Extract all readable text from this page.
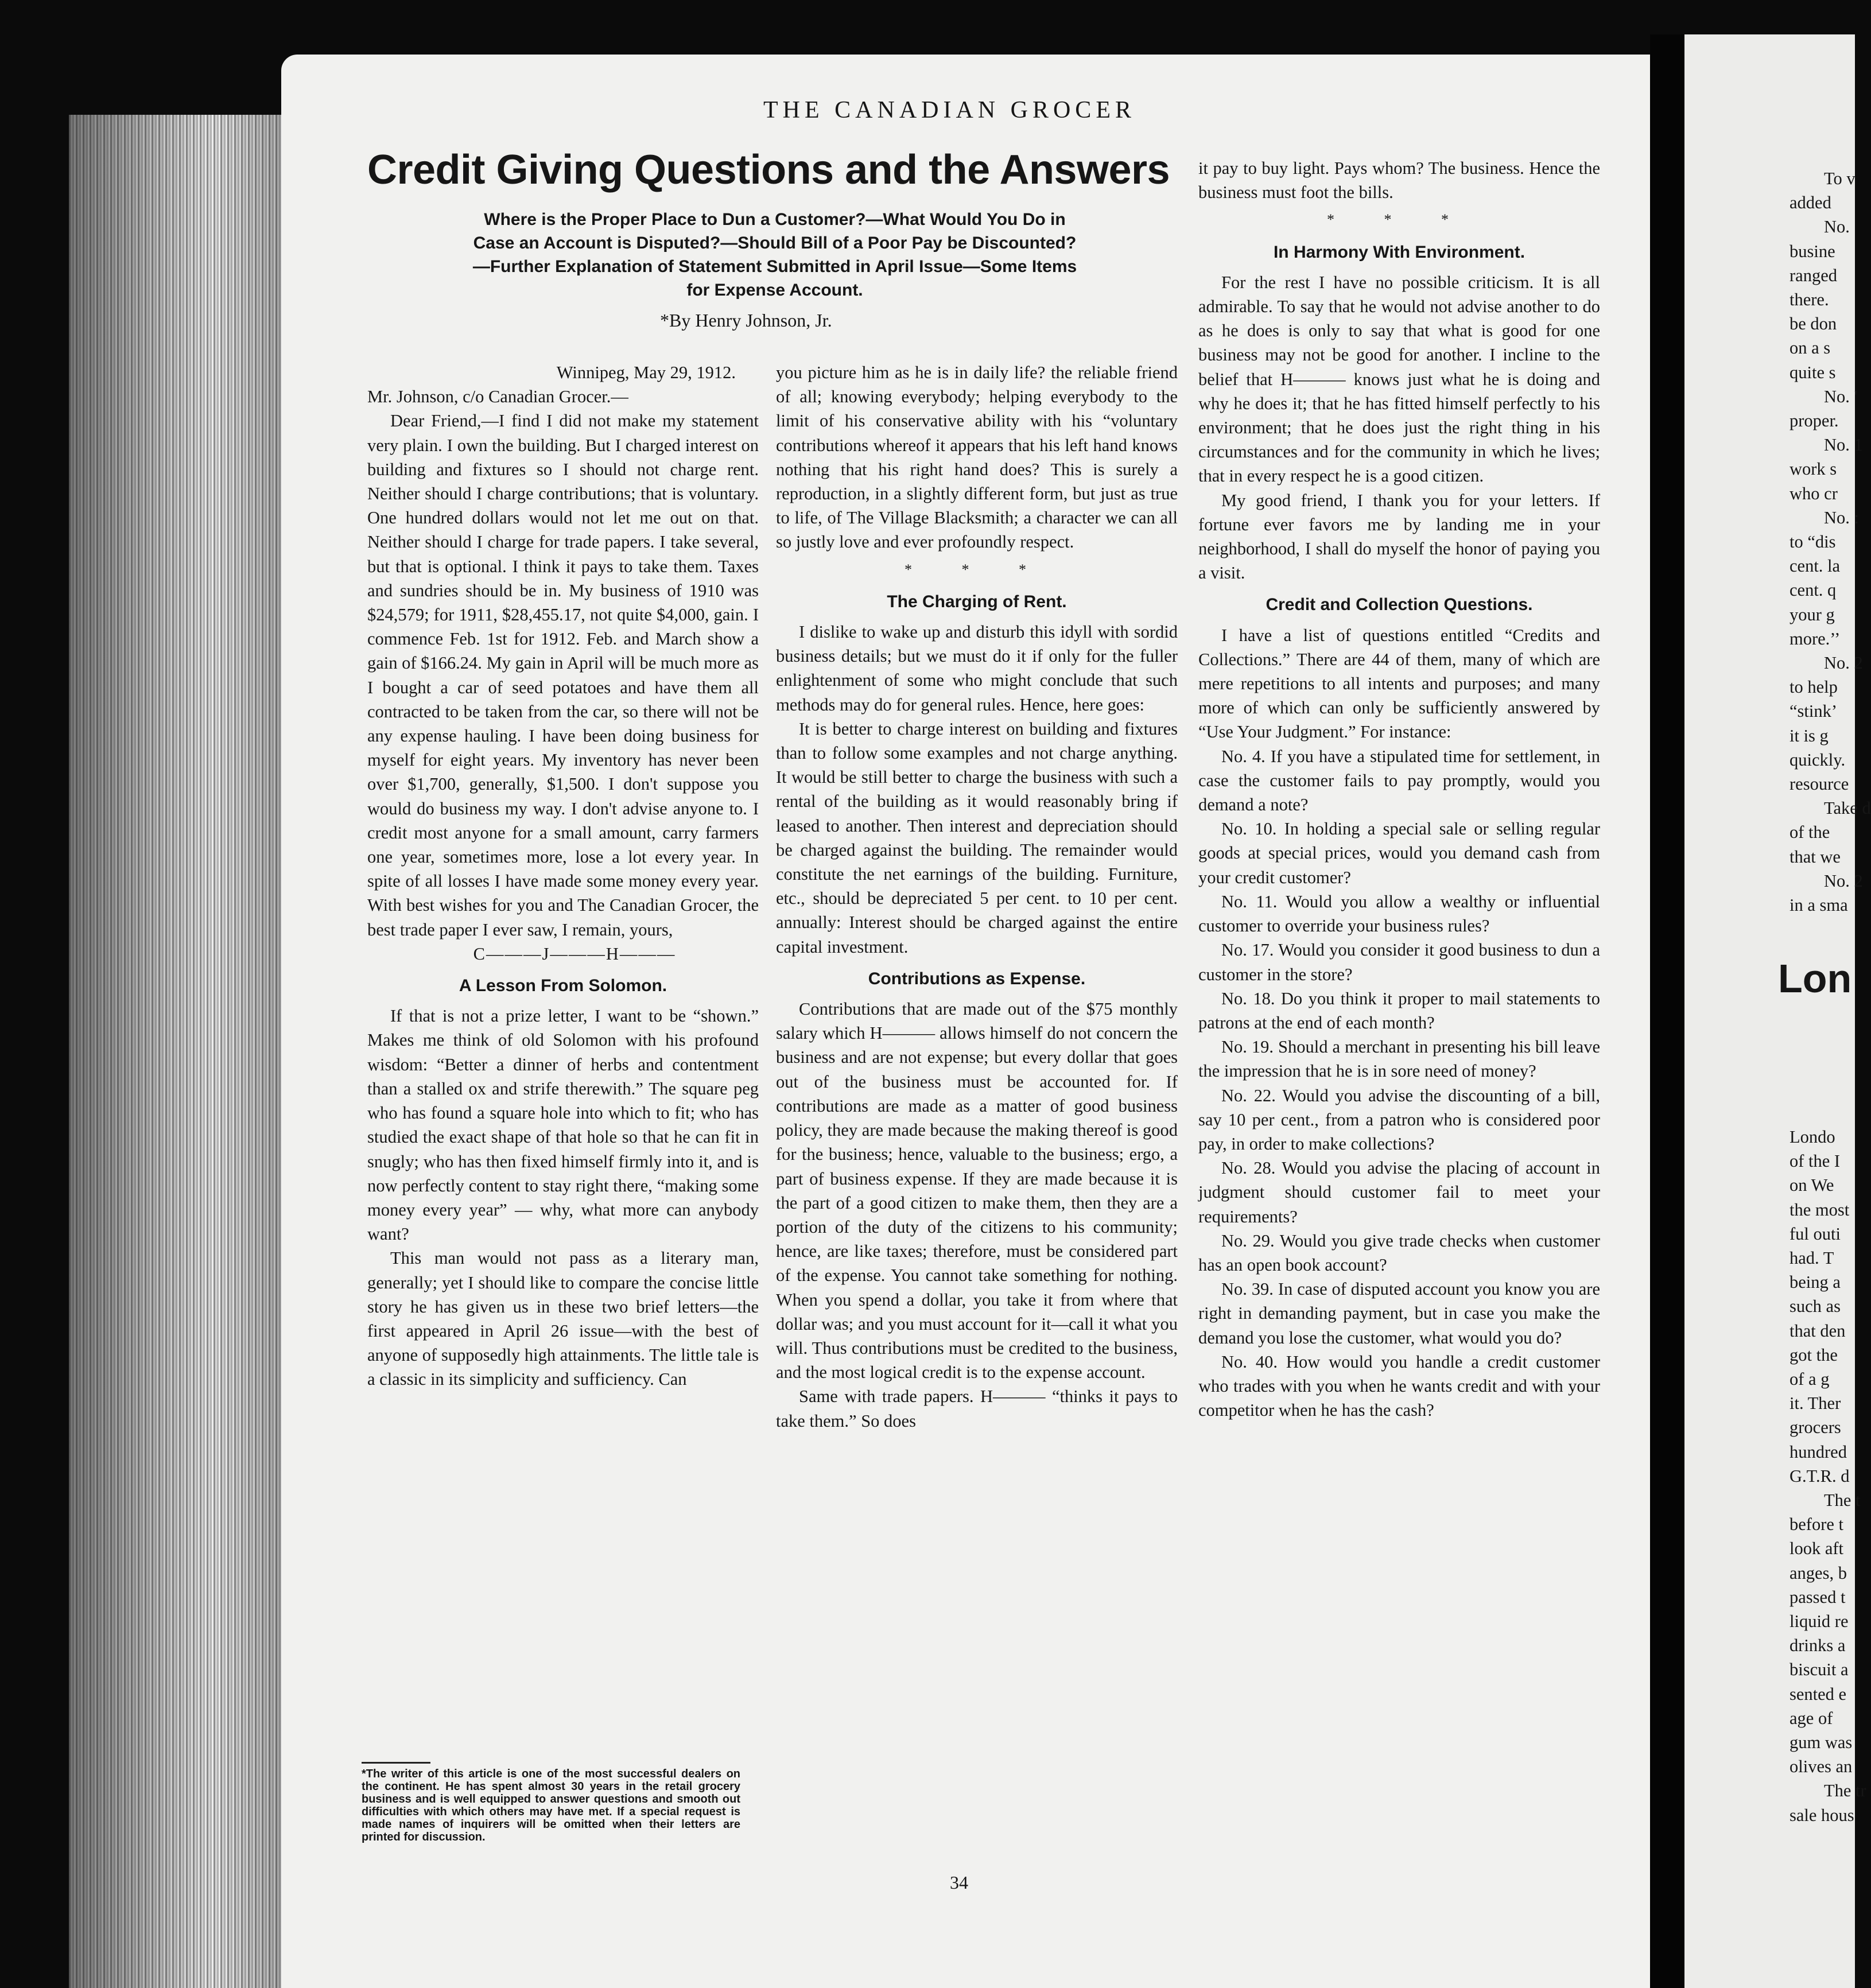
THE CANADIAN GROCER
Credit Giving Questions and the Answers
Where is the Proper Place to Dun a Customer?—What Would You Do in Case an Account is Disputed?—Should Bill of a Poor Pay be Discounted?—Further Explanation of Statement Submitted in April Issue—Some Items for Expense Account.
*By Henry Johnson, Jr.

Winnipeg, May 29, 1912.

Mr. Johnson, c/o Canadian Grocer.—

Dear Friend,—I find I did not make my statement very plain. I own the building. But I charged interest on building and fixtures so I should not charge rent. Neither should I charge contributions; that is voluntary. One hundred dollars would not let me out on that. Neither should I charge for trade papers. I take several, but that is optional. I think it pays to take them. Taxes and sundries should be in. My business of 1910 was $24,579; for 1911, $28,455.17, not quite $4,000, gain. I commence Feb. 1st for 1912. Feb. and March show a gain of $166.24. My gain in April will be much more as I bought a car of seed potatoes and have them all contracted to be taken from the car, so there will not be any expense hauling. I have been doing business for myself for eight years. My inventory has never been over $1,700, generally, $1,500. I don't suppose you would do business my way. I don't advise anyone to. I credit most anyone for a small amount, carry farmers one year, sometimes more, lose a lot every year. In spite of all losses I have made some money every year. With best wishes for you and The Canadian Grocer, the best trade paper I ever saw, I remain, yours,

C———J———H———

A Lesson From Solomon.

If that is not a prize letter, I want to be “shown.” Makes me think of old Solomon with his profound wisdom: “Better a dinner of herbs and contentment than a stalled ox and strife therewith.” The square peg who has found a square hole into which to fit; who has studied the exact shape of that hole so that he can fit in snugly; who has then fixed himself firmly into it, and is now perfectly content to stay right there, “making some money every year” — why, what more can anybody want?

This man would not pass as a literary man, generally; yet I should like to compare the concise little story he has given us in these two brief letters—the first appeared in April 26 issue—with the best of anyone of supposedly high attainments. The little tale is a classic in its simplicity and sufficiency. Can

*The writer of this article is one of the most successful dealers on the continent. He has spent almost 30 years in the retail grocery business and is well equipped to answer questions and smooth out difficulties with which others may have met. If a special request is made names of inquirers will be omitted when their letters are printed for discussion.

you picture him as he is in daily life? the reliable friend of all; knowing everybody; helping everybody to the limit of his conservative ability with his “voluntary contributions whereof it appears that his left hand knows nothing that his right hand does? This is surely a reproduction, in a slightly different form, but just as true to life, of The Village Blacksmith; a character we can all so justly love and ever profoundly respect.

* * *
The Charging of Rent.

I dislike to wake up and disturb this idyll with sordid business details; but we must do it if only for the fuller enlightenment of some who might conclude that such methods may do for general rules. Hence, here goes:

It is better to charge interest on building and fixtures than to follow some examples and not charge anything. It would be still better to charge the business with such a rental of the building as it would reasonably bring if leased to another. Then interest and depreciation should be charged against the building. The remainder would constitute the net earnings of the building. Furniture, etc., should be depreciated 5 per cent. to 10 per cent. annually: Interest should be charged against the entire capital investment.

Contributions as Expense.

Contributions that are made out of the $75 monthly salary which H——— allows himself do not concern the business and are not expense; but every dollar that goes out of the business must be accounted for. If contributions are made as a matter of good business policy, they are made because the making thereof is good for the business; hence, valuable to the business; ergo, a part of business expense. If they are made because it is the part of a good citizen to make them, then they are a portion of the duty of the citizens to his community; hence, are like taxes; therefore, must be considered part of the expense. You cannot take something for nothing. When you spend a dollar, you take it from where that dollar was; and you must account for it—call it what you will. Thus contributions must be credited to the business, and the most logical credit is to the expense account.

Same with trade papers. H——— “thinks it pays to take them.” So does

34

it pay to buy light. Pays whom? The business. Hence the business must foot the bills.

* * *
In Harmony With Environment.

For the rest I have no possible criticism. It is all admirable. To say that he would not advise another to do as he does is only to say that what is good for one business may not be good for another. I incline to the belief that H——— knows just what he is doing and why he does it; that he has fitted himself perfectly to his environment; that he does just the right thing in his circumstances and for the community in which he lives; that in every respect he is a good citizen.

My good friend, I thank you for your letters. If fortune ever favors me by landing me in your neighborhood, I shall do myself the honor of paying you a visit.

Credit and Collection Questions.

I have a list of questions entitled “Credits and Collections.” There are 44 of them, many of which are mere repetitions to all intents and purposes; and many more of which can only be sufficiently answered by “Use Your Judgment.” For instance:

No. 4. If you have a stipulated time for settlement, in case the customer fails to pay promptly, would you demand a note?

No. 10. In holding a special sale or selling regular goods at special prices, would you demand cash from your credit customer?

No. 11. Would you allow a wealthy or influential customer to override your business rules?

No. 17. Would you consider it good business to dun a customer in the store?

No. 18. Do you think it proper to mail statements to patrons at the end of each month?

No. 19. Should a merchant in presenting his bill leave the impression that he is in sore need of money?

No. 22. Would you advise the discounting of a bill, say 10 per cent., from a patron who is considered poor pay, in order to make collections?

No. 28. Would you advise the placing of account in judgment should customer fail to meet your requirements?

No. 29. Would you give trade checks when customer has an open book account?

No. 39. In case of disputed account you know you are right in demanding payment, but in case you make the demand you lose the customer, what would you do?

No. 40. How would you handle a credit customer who trades with you when he wants credit and with your competitor when he has the cash?

Lon
To v
added
No.
busine
ranged
there.
be don
on a s
quite s
No. '
proper.
No. 1
work s
who cr
No. :
to “dis
cent. la
cent. q
your g
more.’’
No. 2
to help
“stink’
it is g
quickly.
resource
Take d
of the
that we
No. 2
in a sma
Londo
of the I
on We
the most
ful outi
had. T
being a
such as
that den
got the
of a g
it. Ther
grocers
hundred
G.T.R. d
The t
before t
look aft
anges, b
passed t
liquid re
drinks a
biscuit a
sented e
age of
gum was
olives an
The tr
sale hous
